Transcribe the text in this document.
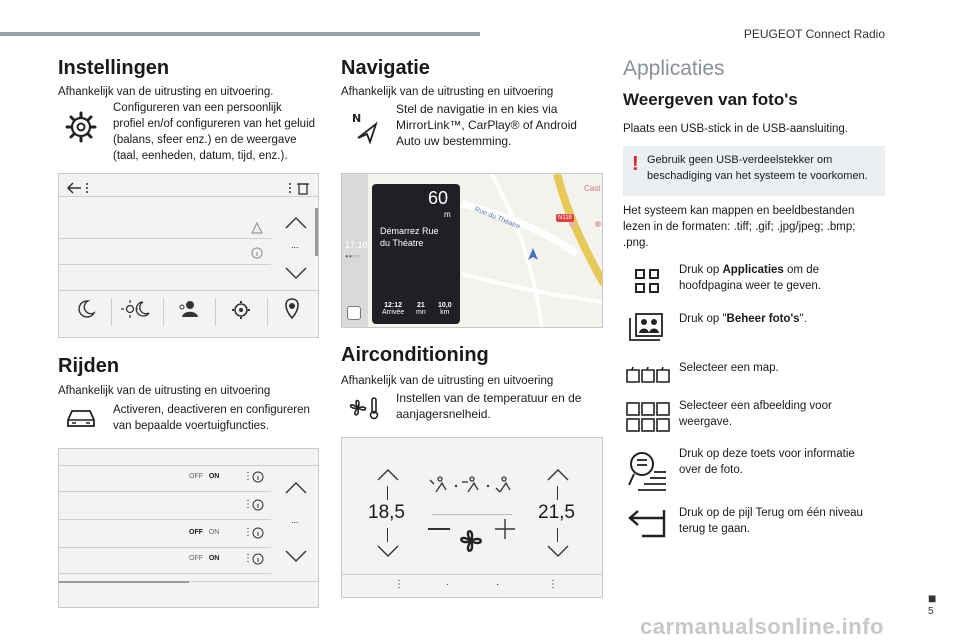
PEUGEOT Connect Radio
Instellingen
Afhankelijk van de uitrusting en uitvoering.
Configureren van een persoonlijk
profiel en/of configureren van het geluid
(balans, sfeer enz.) en de weergave
(taal, eenheden, datum, tijd, enz.).
...
Rijden
Afhankelijk van de uitrusting en uitvoering
Activeren, deactiveren en configureren
van bepaalde voertuigfuncties.
OFF ON ⋮
⋮
OFF ON ⋮
OFF ON ⋮
...
Navigatie
Afhankelijk van de uitrusting en uitvoering
N
Stel de navigatie in en kies via
MirrorLink™, CarPlay® of Android
Auto uw bestemming.
N118
Cast
Rue du Théatre
17:10
●●○○
60
m
Démarrez Rue
du Théatre
12:12
Arrivée
21
mn
10,0
km
Airconditioning
Afhankelijk van de uitrusting en uitvoering
Instellen van de temperatuur en de
aanjagersnelheid.
18,5	21,5
⋮	·	·	⋮
Applicaties
Weergeven van foto's
Plaats een USB-stick in de USB-aansluiting.
! Gebruik geen USB-verdeelstekker om
beschadiging van het systeem te voorkomen.
Het systeem kan mappen en beeldbestanden
lezen in de formaten: .tiff; .gif; .jpg/jpeg; .bmp;
.png.
Druk op Applicaties om de
hoofdpagina weer te geven.
Druk op "Beheer foto's".
Selecteer een map.
Selecteer een afbeelding voor
weergave.
Druk op deze toets voor informatie
over de foto.
Druk op de pijl Terug om één niveau
terug te gaan.
■
5
carmanualsonline.info
